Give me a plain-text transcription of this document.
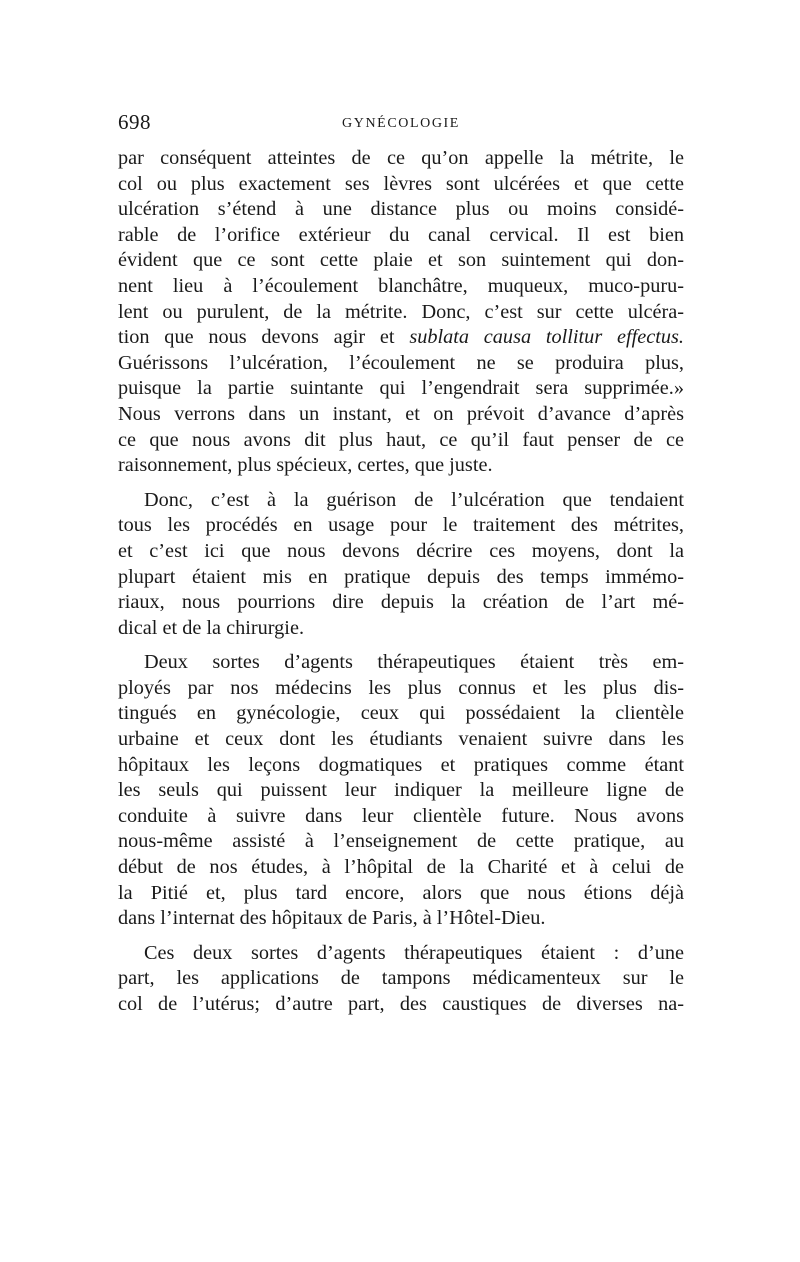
698	GYNÉCOLOGIE
par conséquent atteintes de ce qu’on appelle la métrite, le
col ou plus exactement ses lèvres sont ulcérées et que cette
ulcération s’étend à une distance plus ou moins considé-
rable de l’orifice extérieur du canal cervical. Il est bien
évident que ce sont cette plaie et son suintement qui don-
nent lieu à l’écoulement blanchâtre, muqueux, muco-puru-
lent ou purulent, de la métrite. Donc, c’est sur cette ulcéra-
tion que nous devons agir et sublata causa tollitur effectus.
Guérissons l’ulcération, l’écoulement ne se produira plus,
puisque la partie suintante qui l’engendrait sera supprimée.»
Nous verrons dans un instant, et on prévoit d’avance d’après
ce que nous avons dit plus haut, ce qu’il faut penser de ce
raisonnement, plus spécieux, certes, que juste.
Donc, c’est à la guérison de l’ulcération que tendaient
tous les procédés en usage pour le traitement des métrites,
et c’est ici que nous devons décrire ces moyens, dont la
plupart étaient mis en pratique depuis des temps immémo-
riaux, nous pourrions dire depuis la création de l’art mé-
dical et de la chirurgie.
Deux sortes d’agents thérapeutiques étaient très em-
ployés par nos médecins les plus connus et les plus dis-
tingués en gynécologie, ceux qui possédaient la clientèle
urbaine et ceux dont les étudiants venaient suivre dans les
hôpitaux les leçons dogmatiques et pratiques comme étant
les seuls qui puissent leur indiquer la meilleure ligne de
conduite à suivre dans leur clientèle future. Nous avons
nous-même assisté à l’enseignement de cette pratique, au
début de nos études, à l’hôpital de la Charité et à celui de
la Pitié et, plus tard encore, alors que nous étions déjà
dans l’internat des hôpitaux de Paris, à l’Hôtel-Dieu.
Ces deux sortes d’agents thérapeutiques étaient : d’une
part, les applications de tampons médicamenteux sur le
col de l’utérus; d’autre part, des caustiques de diverses na-
